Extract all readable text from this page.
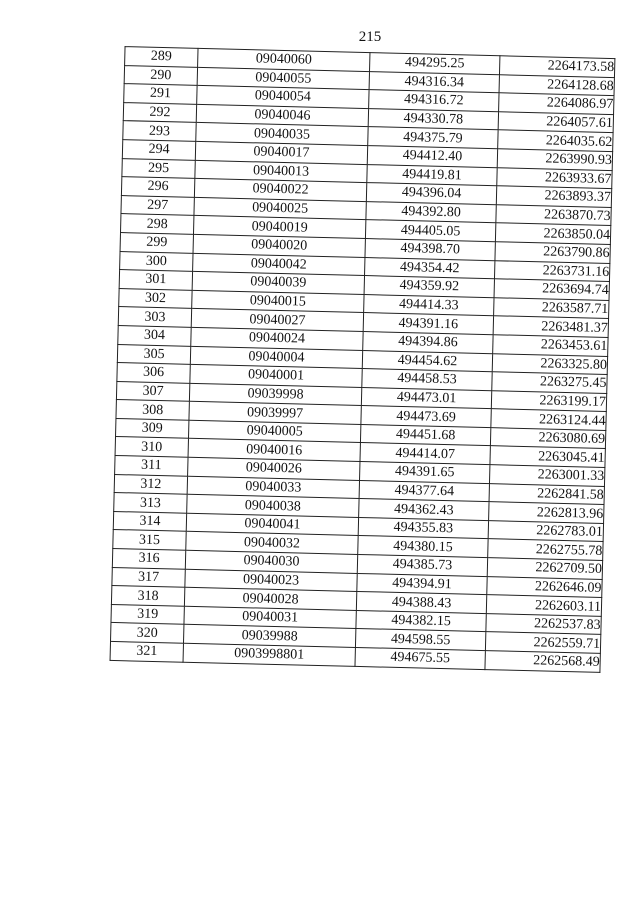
215
289	09040060	494295.25	2264173.58
290	09040055	494316.34	2264128.68
291	09040054	494316.72	2264086.97
292	09040046	494330.78	2264057.61
293	09040035	494375.79	2264035.62
294	09040017	494412.40	2263990.93
295	09040013	494419.81	2263933.67
296	09040022	494396.04	2263893.37
297	09040025	494392.80	2263870.73
298	09040019	494405.05	2263850.04
299	09040020	494398.70	2263790.86
300	09040042	494354.42	2263731.16
301	09040039	494359.92	2263694.74
302	09040015	494414.33	2263587.71
303	09040027	494391.16	2263481.37
304	09040024	494394.86	2263453.61
305	09040004	494454.62	2263325.80
306	09040001	494458.53	2263275.45
307	09039998	494473.01	2263199.17
308	09039997	494473.69	2263124.44
309	09040005	494451.68	2263080.69
310	09040016	494414.07	2263045.41
311	09040026	494391.65	2263001.33
312	09040033	494377.64	2262841.58
313	09040038	494362.43	2262813.96
314	09040041	494355.83	2262783.01
315	09040032	494380.15	2262755.78
316	09040030	494385.73	2262709.50
317	09040023	494394.91	2262646.09
318	09040028	494388.43	2262603.11
319	09040031	494382.15	2262537.83
320	09039988	494598.55	2262559.71
321	0903998801	494675.55	2262568.49
